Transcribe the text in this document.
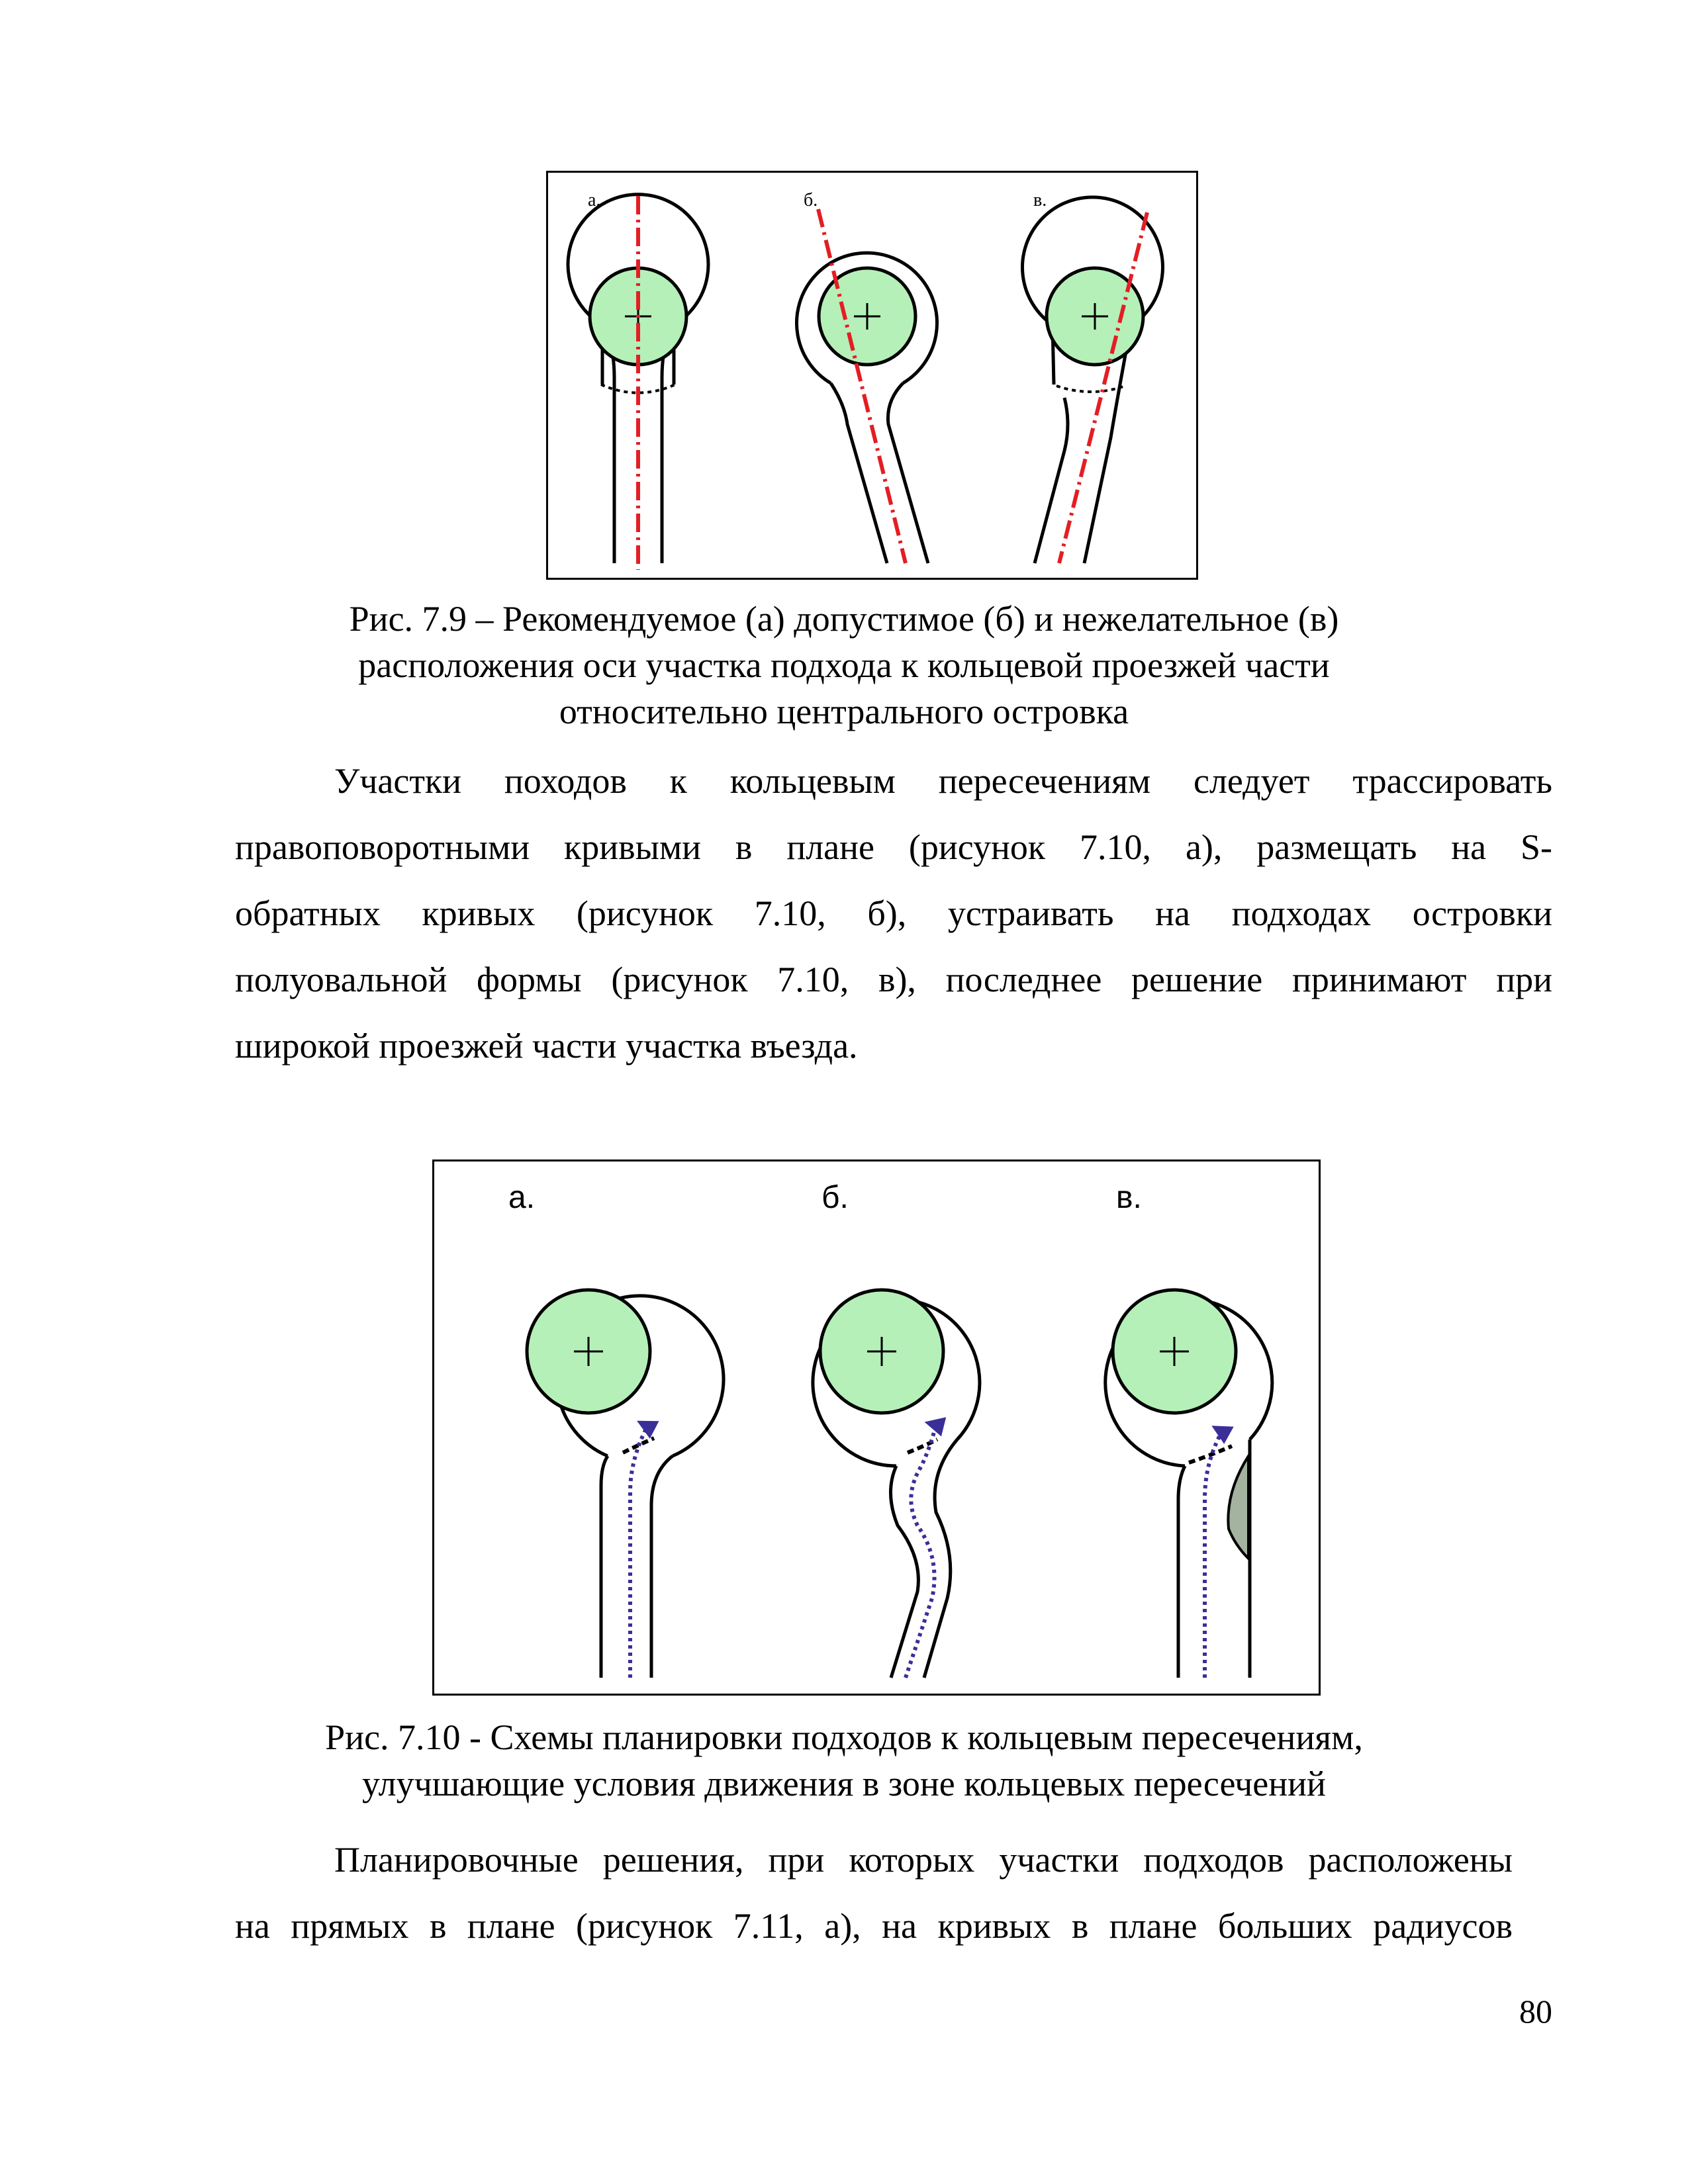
а.	б.	в.
Рис. 7.9 – Рекомендуемое (а) допустимое (б) и нежелательное (в)
расположения оси участка подхода к кольцевой проезжей части
относительно центрального островка
Участки походов к кольцевым пересечениям следует трассировать
правоповоротными кривыми в плане (рисунок 7.10, а), размещать на S-
обратных кривых (рисунок 7.10, б), устраивать на подходах островки
полуовальной формы (рисунок 7.10, в), последнее решение принимают при
широкой проезжей части участка въезда.
а.	б.	в.
Рис. 7.10 - Схемы планировки подходов к кольцевым пересечениям,
улучшающие условия движения в зоне кольцевых пересечений
Планировочные решения, при которых участки подходов расположены
на прямых в плане (рисунок 7.11, а), на кривых в плане больших радиусов
80
